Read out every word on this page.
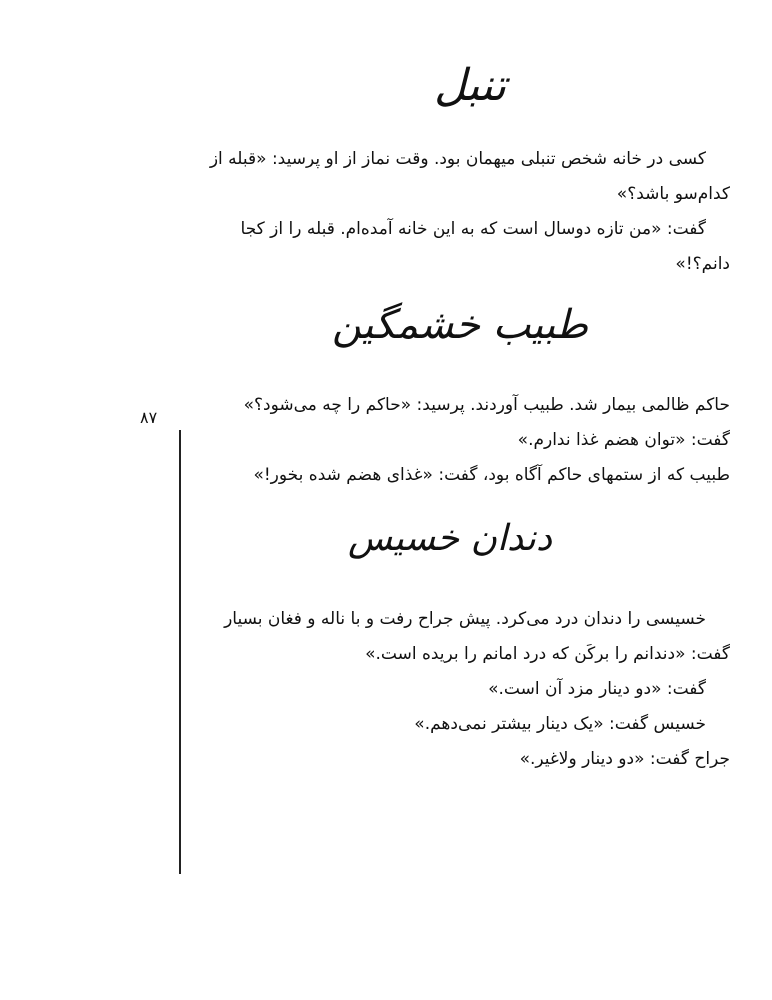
تنبل

کسی در خانه شخص تنبلی میهمان بود. وقت نماز از او پرسید: «قبله از

کدام‌سو باشد؟»

گفت: «من تازه دوسال است که به این خانه آمده‌ام. قبله را از کجا

دانم؟!»

طبیب خشمگین

حاکم ظالمی بیمار شد. طبیب آوردند. پرسید: «حاکم را چه می‌شود؟»

گفت: «توان هضم غذا ندارم.»

طبیب که از ستمهای حاکم آگاه بود، گفت: «غذای هضم شده بخور!»

دندان خسیس

خسیسی را دندان درد می‌کرد. پیش جراح رفت و با ناله و فغان بسیار

گفت: «دندانم را برکَن که درد امانم را بریده است.»

گفت: «دو دینار مزد آن است.»

خسیس گفت: «یک دینار بیشتر نمی‌دهم.»

جراح گفت: «دو دینار ولاغیر.»

۸۷
